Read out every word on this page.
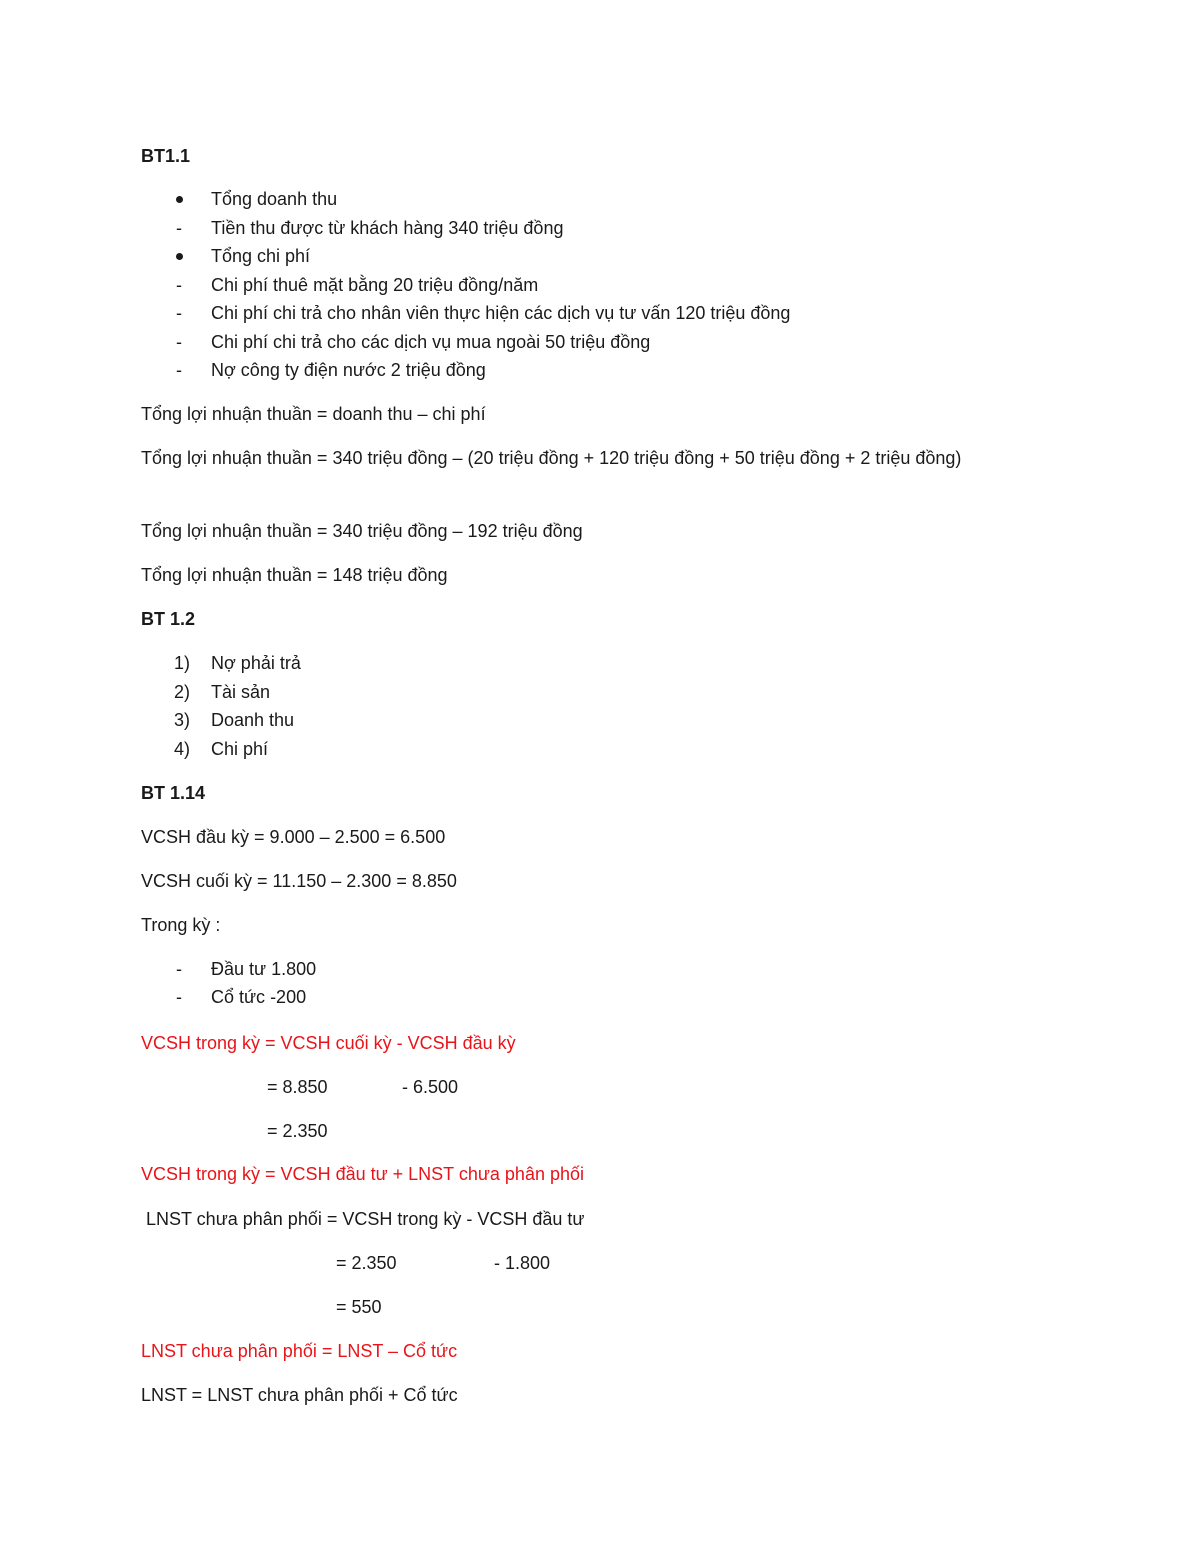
BT1.1

Tổng doanh thu
- Tiền thu được từ khách hàng 340 triệu đồng
Tổng chi phí
- Chi phí thuê mặt bằng 20 triệu đồng/năm
- Chi phí chi trả cho nhân viên thực hiện các dịch vụ tư vấn 120 triệu đồng
- Chi phí chi trả cho các dịch vụ mua ngoài 50 triệu đồng
- Nợ công ty điện nước 2 triệu đồng

Tổng lợi nhuận thuần = doanh thu – chi phí

Tổng lợi nhuận thuần = 340 triệu đồng – (20 triệu đồng + 120 triệu đồng + 50 triệu đồng + 2 triệu đồng)

Tổng lợi nhuận thuần = 340 triệu đồng – 192 triệu đồng

Tổng lợi nhuận thuần = 148 triệu đồng

BT 1.2

1) Nợ phải trả
2) Tài sản
3) Doanh thu
4) Chi phí

BT 1.14

VCSH đầu kỳ = 9.000 – 2.500 = 6.500

VCSH cuối kỳ = 11.150 – 2.300 = 8.850

Trong kỳ :

- Đầu tư 1.800
- Cổ tức -200

VCSH trong kỳ = VCSH cuối kỳ - VCSH đầu kỳ

= 8.850	- 6.500

= 2.350

VCSH trong kỳ = VCSH đầu tư + LNST chưa phân phối

LNST chưa phân phối = VCSH trong kỳ - VCSH đầu tư

= 2.350	- 1.800

= 550

LNST chưa phân phối = LNST – Cổ tức

LNST = LNST chưa phân phối + Cổ tức
